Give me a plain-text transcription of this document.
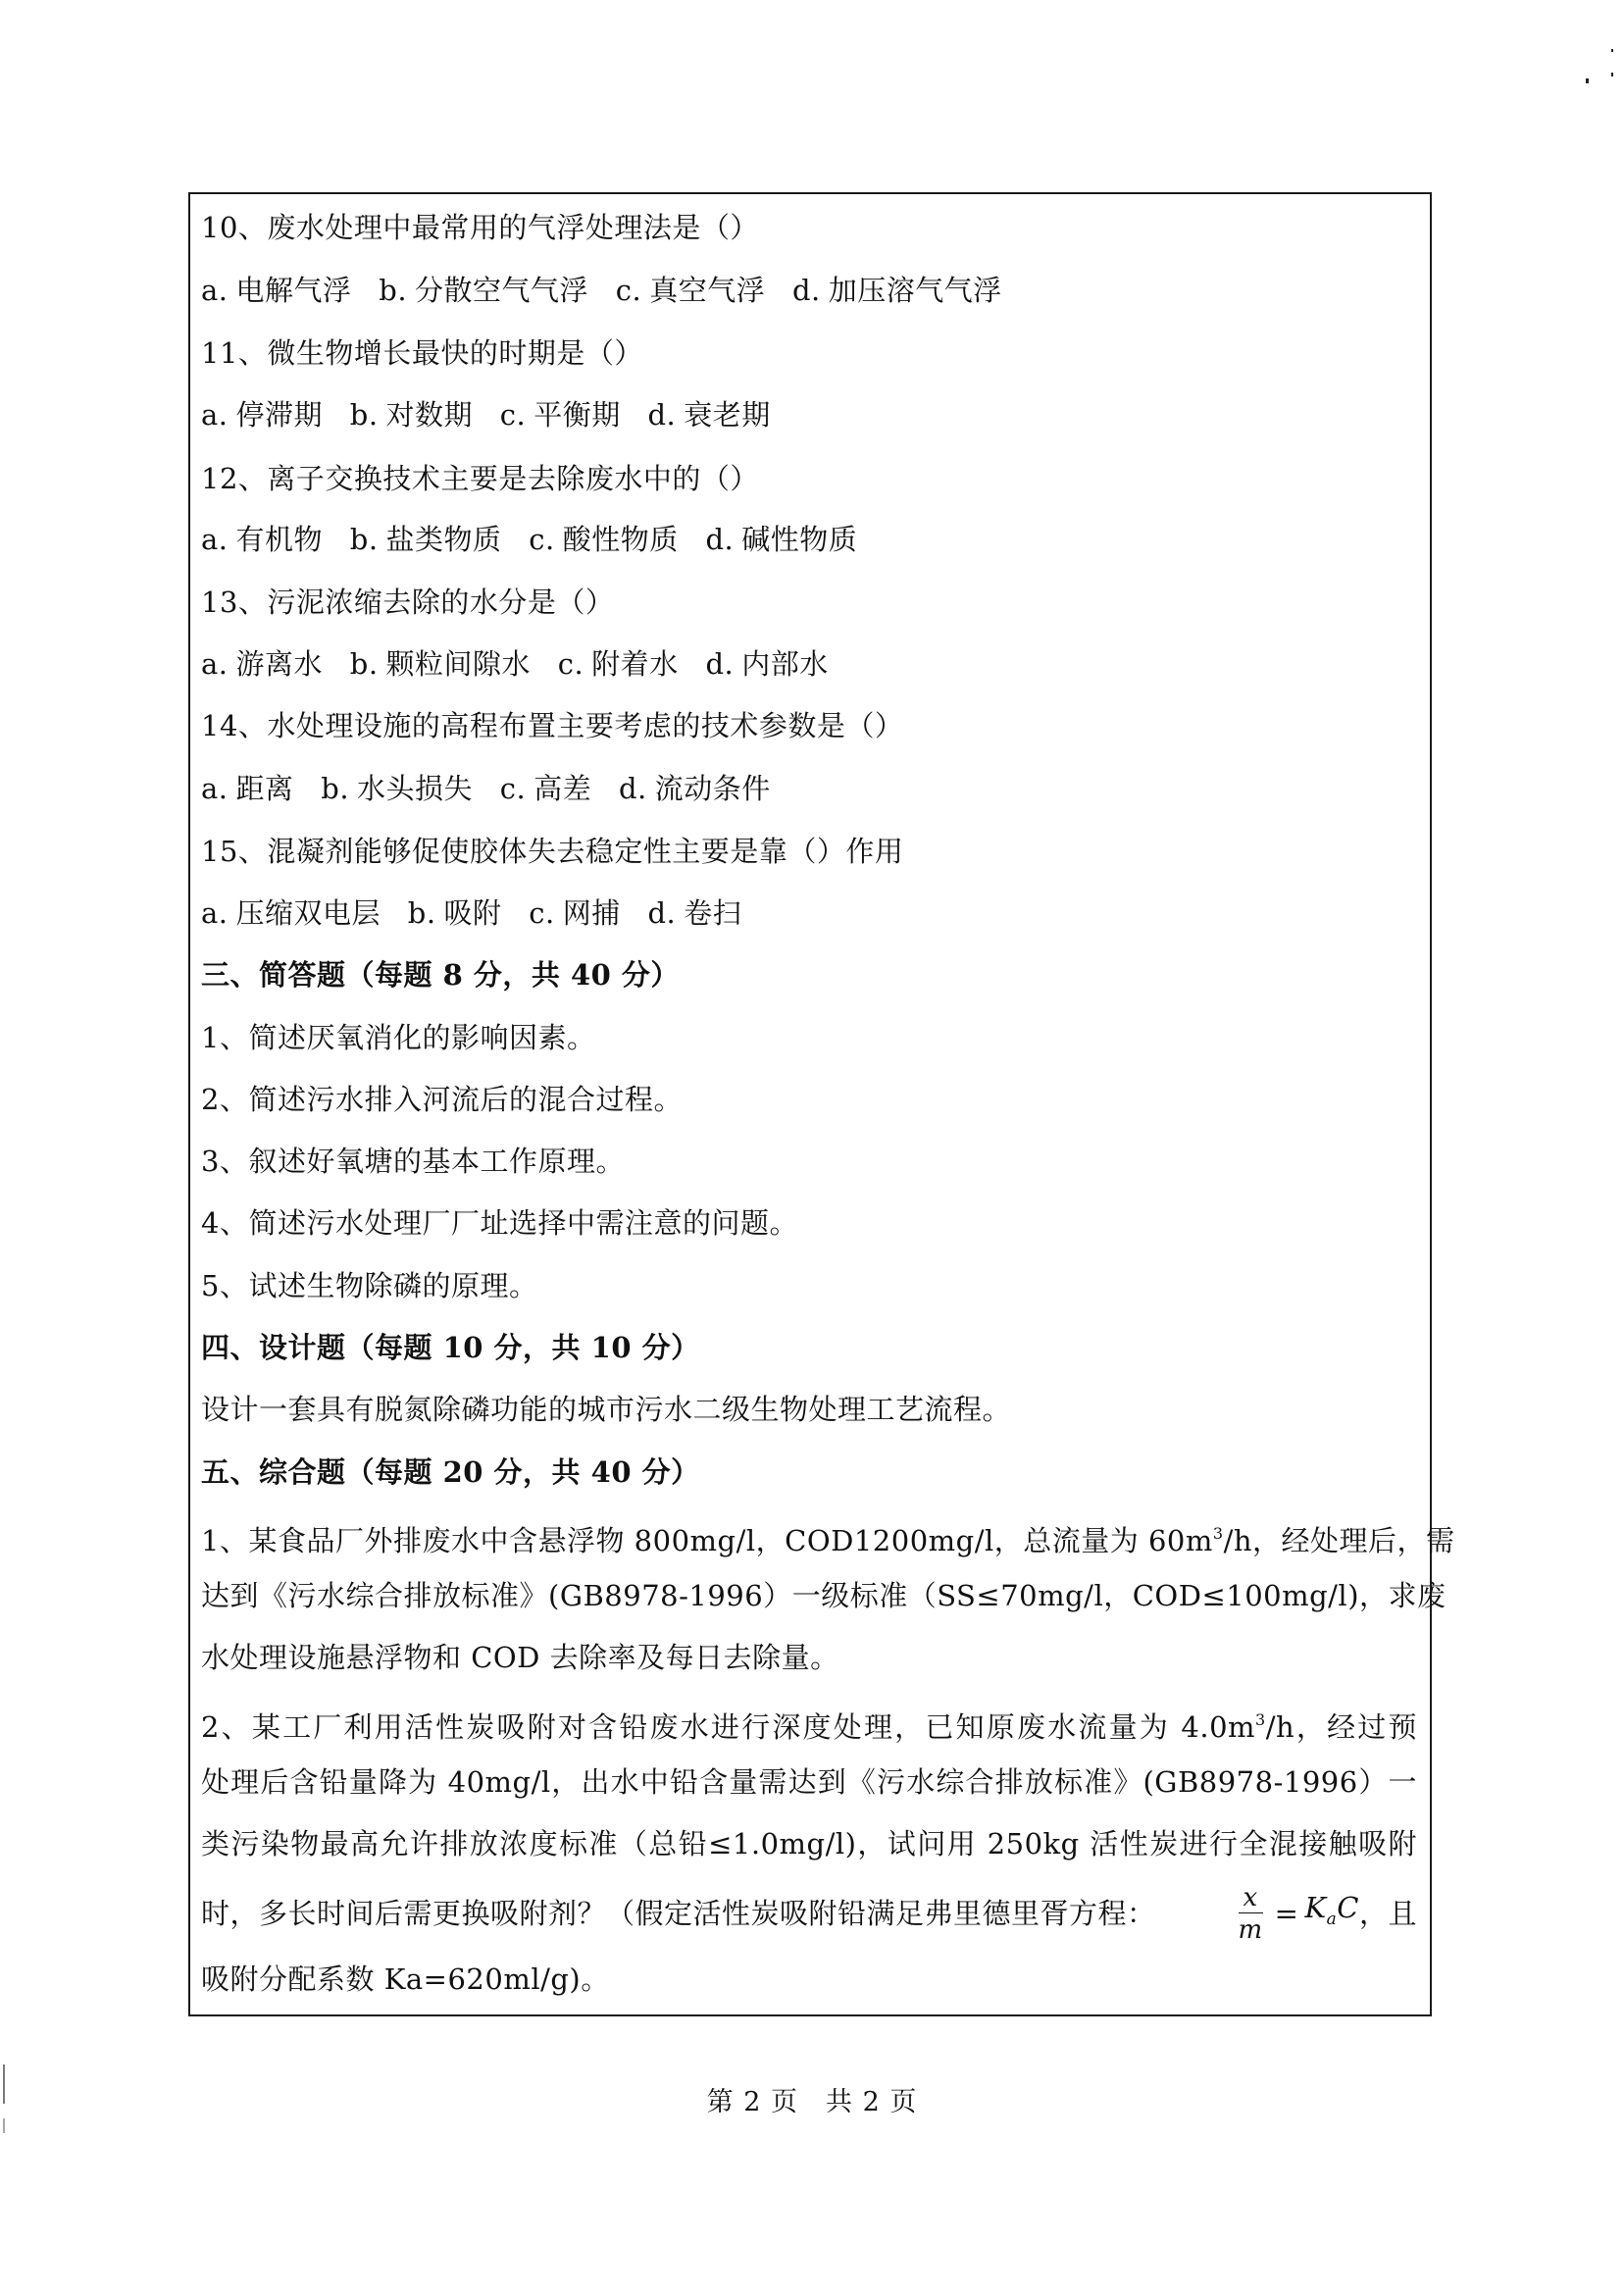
10、废水处理中最常用的气浮处理法是（）
a. 电解气浮 b. 分散空气气浮 c. 真空气浮 d. 加压溶气气浮
11、微生物增长最快的时期是（）
a. 停滞期 b. 对数期 c. 平衡期 d. 衰老期
12、离子交换技术主要是去除废水中的（）
a. 有机物 b. 盐类物质 c. 酸性物质 d. 碱性物质
13、污泥浓缩去除的水分是（）
a. 游离水 b. 颗粒间隙水 c. 附着水 d. 内部水
14、水处理设施的高程布置主要考虑的技术参数是（）
a. 距离 b. 水头损失 c. 高差 d. 流动条件
15、混凝剂能够促使胶体失去稳定性主要是靠（）作用
a. 压缩双电层 b. 吸附 c. 网捕 d. 卷扫
三、简答题（每题 8 分，共 40 分）
1、简述厌氧消化的影响因素。
2、简述污水排入河流后的混合过程。
3、叙述好氧塘的基本工作原理。
4、简述污水处理厂厂址选择中需注意的问题。
5、试述生物除磷的原理。
四、设计题（每题 10 分，共 10 分）
设计一套具有脱氮除磷功能的城市污水二级生物处理工艺流程。
五、综合题（每题 20 分，共 40 分）
1、某食品厂外排废水中含悬浮物 800mg/l，COD1200mg/l，总流量为 $60m^3/h$，经处理后，需
达到《污水综合排放标准》(GB8978-1996）一级标准（SS≤70mg/l，COD≤100mg/l)，求废
水处理设施悬浮物和 COD 去除率及每日去除量。
2、某工厂利用活性炭吸附对含铅废水进行深度处理，已知原废水流量为 $4.0m^3/h$，经过预
处理后含铅量降为 40mg/l，出水中铅含量需达到《污水综合排放标准》(GB8978-1996）一
类污染物最高允许排放浓度标准（总铅≤1.0mg/l)，试问用 250kg 活性炭进行全混接触吸附
时，多长时间后需更换吸附剂？（假定活性炭吸附铅满足弗里德里胥方程：	$\frac{x}{m} = K_aC$ ，且
吸附分配系数 Ka=620ml/g)。
第 2 页 共 2 页
